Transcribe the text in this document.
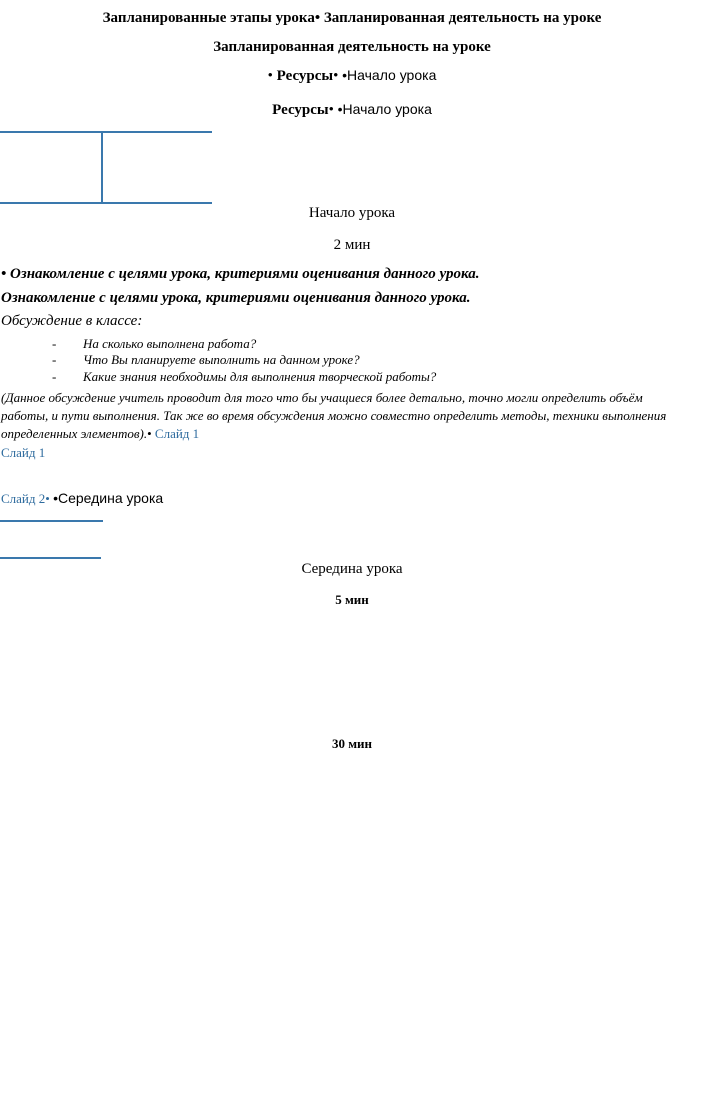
Запланированные этапы урока• Запланированная деятельность на уроке
Запланированная деятельность на уроке
• Ресурсы• •Начало урока
Ресурсы• •Начало урока
Начало урока
2 мин
• Ознакомление с целями урока, критериями оценивания данного урока.
Ознакомление с целями урока, критериями оценивания данного урока.
Обсуждение в классе:
- На сколько выполнена работа?
- Что Вы планируете выполнить на данном уроке?
- Какие знания необходимы для выполнения творческой работы?
(Данное обсуждение учитель проводит для того что бы учащиеся более детально, точно могли определить объём
работы, и пути выполнения. Так же во время обсуждения можно совместно определить методы, техники выполнения
определенных элементов).• Слайд 1
Слайд 1
Слайд 2• •Середина урока
Середина урока
5 мин
30 мин
